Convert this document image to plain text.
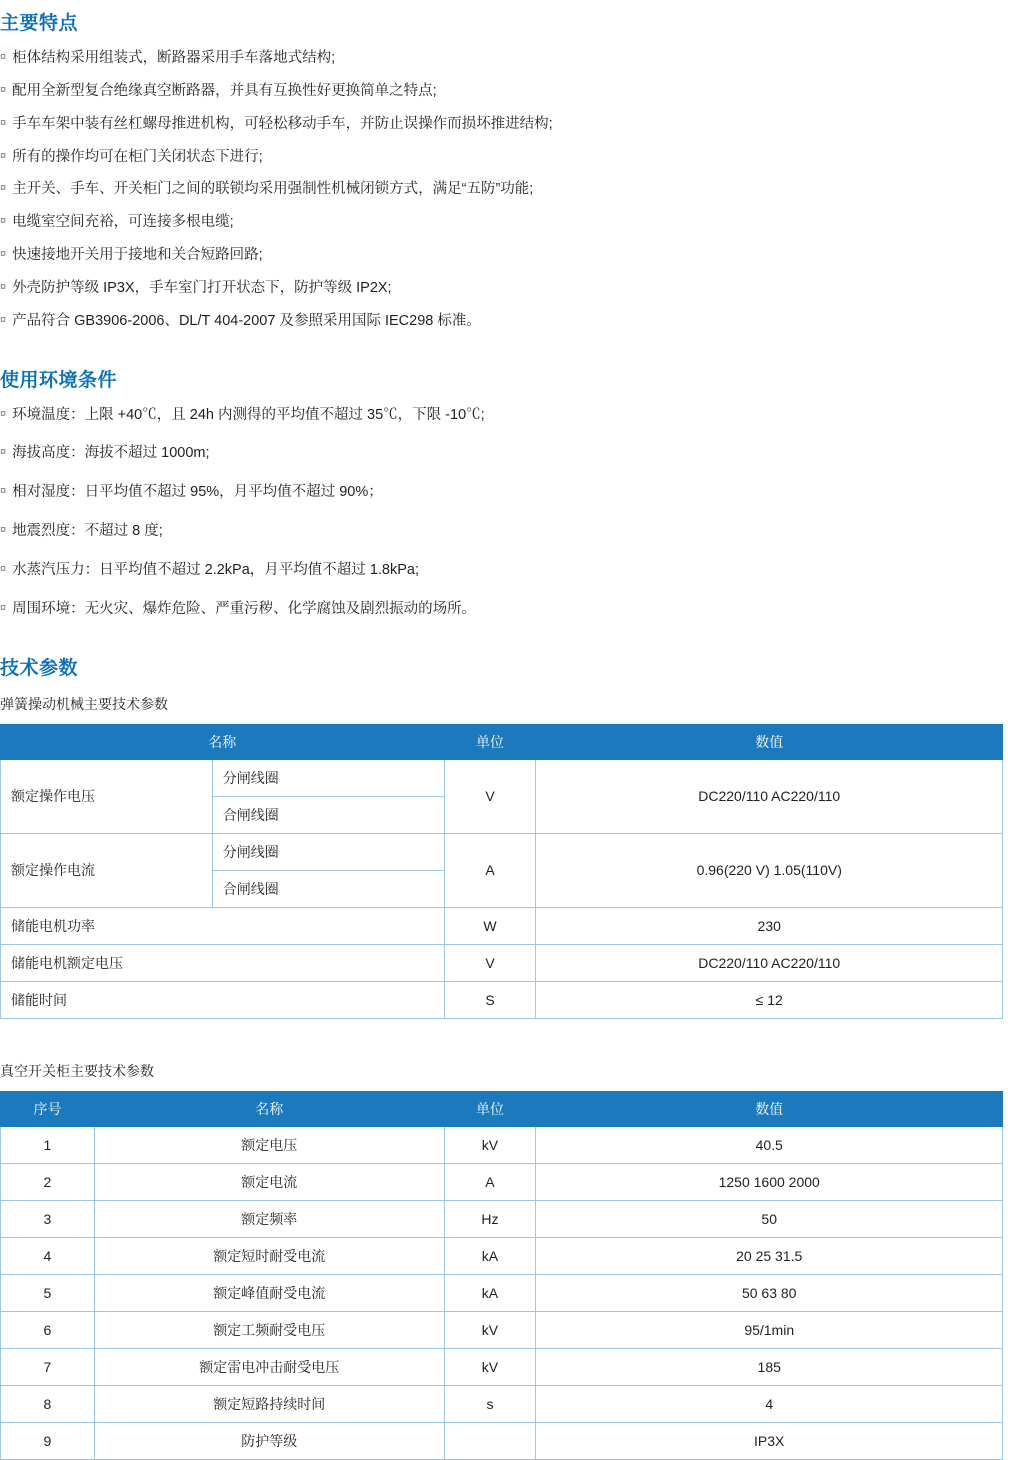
主要特点
¤ 柜体结构采用组装式，断路器采用手车落地式结构;
¤ 配用全新型复合绝缘真空断路器，并具有互换性好更换简单之特点;
¤ 手车车架中装有丝杠螺母推进机构，可轻松移动手车，并防止误操作而损坏推进结构;
¤ 所有的操作均可在柜门关闭状态下进行;
¤ 主开关、手车、开关柜门之间的联锁均采用强制性机械闭锁方式，满足“五防”功能;
¤ 电缆室空间充裕，可连接多根电缆;
¤ 快速接地开关用于接地和关合短路回路;
¤ 外壳防护等级 IP3X，手车室门打开状态下，防护等级 IP2X;
¤ 产品符合 GB3906-2006、DL/T 404-2007 及参照采用国际 IEC298 标准。
使用环境条件
¤ 环境温度：上限 +40℃，且 24h 内测得的平均值不超过 35℃，下限 -10℃;
¤ 海拔高度：海拔不超过 1000m;
¤ 相对湿度：日平均值不超过 95%，月平均值不超过 90%；
¤ 地震烈度：不超过 8 度;
¤ 水蒸汽压力：日平均值不超过 2.2kPa，月平均值不超过 1.8kPa;
¤ 周围环境：无火灾、爆炸危险、严重污秽、化学腐蚀及剧烈振动的场所。
技术参数

弹簧操动机械主要技术参数

名称		单位	数值
额定操作电压	分闸线圈	V	DC220/110 AC220/110
	合闸线圈		
额定操作电流	分闸线圈	A	0.96(220 V) 1.05(110V)
	合闸线圈		
储能电机功率		W	230
储能电机额定电压		V	DC220/110 AC220/110
储能时间		S	≤ 12

真空开关柜主要技术参数

序号	名称	单位	数值
1	额定电压	kV	40.5
2	额定电流	A	1250 1600 2000
3	额定频率	Hz	50
4	额定短时耐受电流	kA	20 25 31.5
5	额定峰值耐受电流	kA	50 63 80
6	额定工频耐受电压	kV	95/1min
7	额定雷电冲击耐受电压	kV	185
8	额定短路持续时间	s	4
9	防护等级		IP3X
